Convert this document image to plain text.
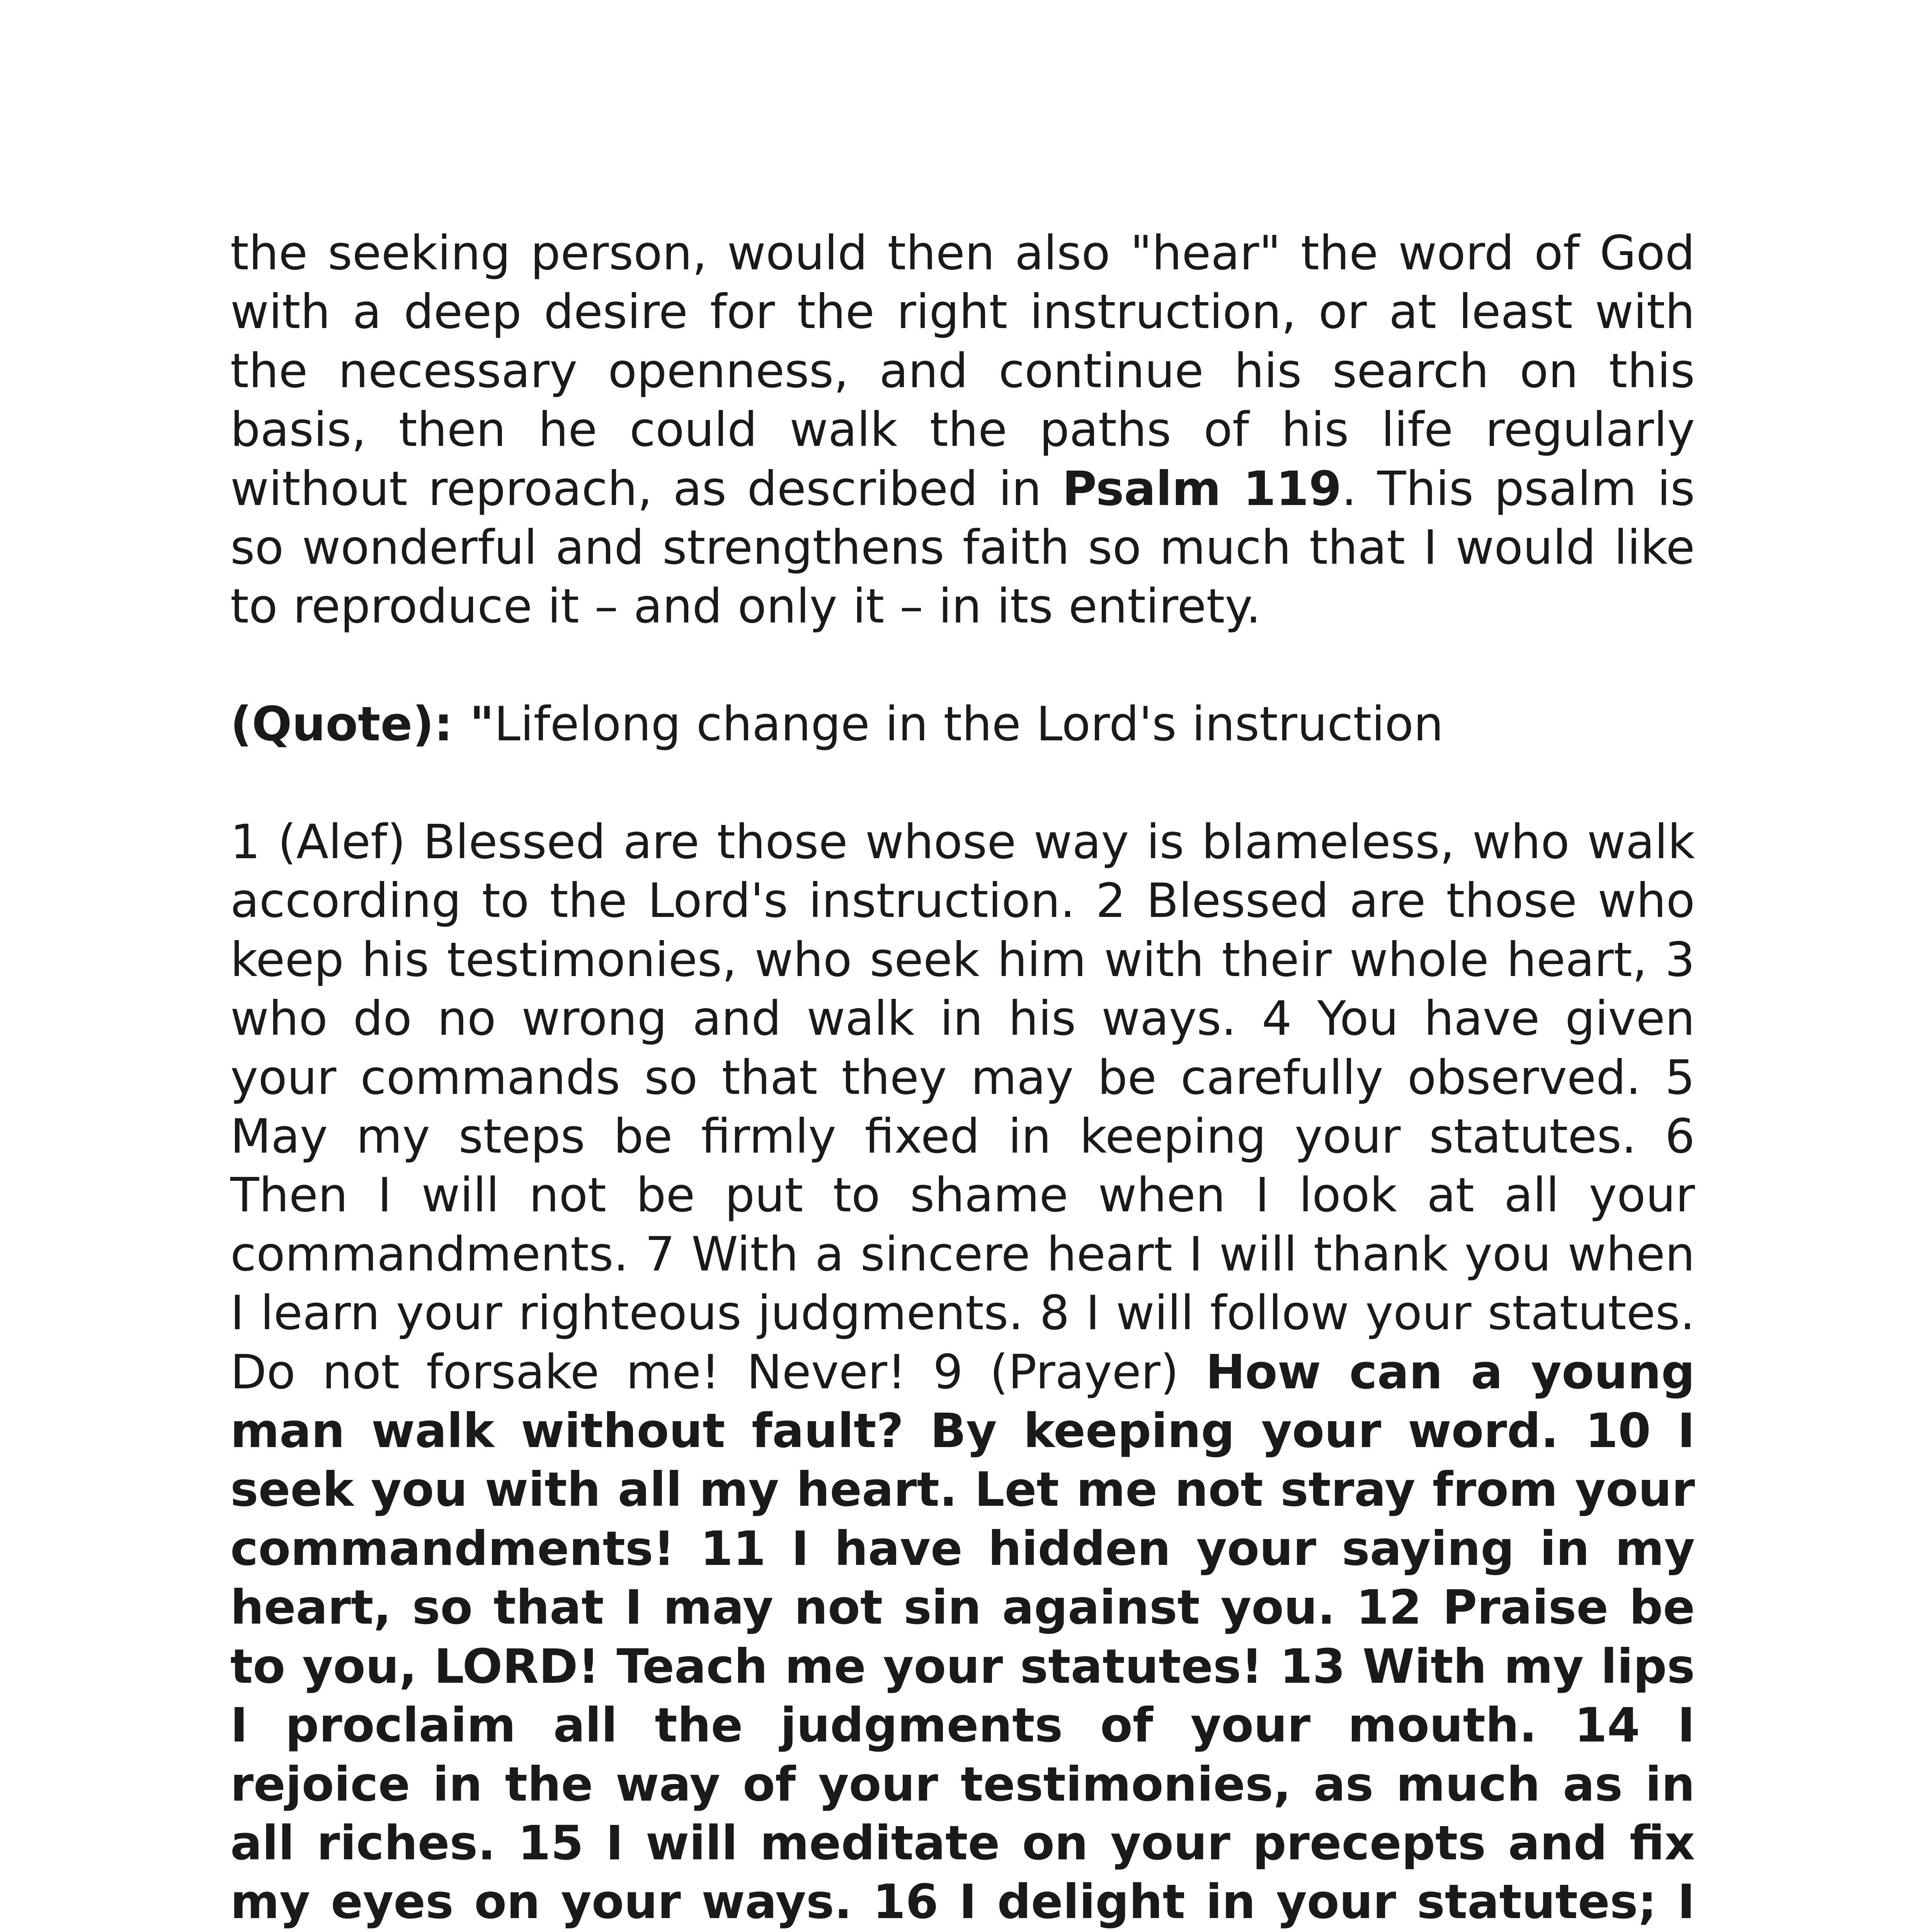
the seeking person, would then also "hear" the word of God with a deep desire for the right instruction, or at least with the necessary openness, and continue his search on this basis, then he could walk the paths of his life regularly without reproach, as described in Psalm 119. This psalm is so wonderful and strengthens faith so much that I would like to reproduce it – and only it – in its entirety.

(Quote): "Lifelong change in the Lord's instruction

1 (Alef) Blessed are those whose way is blameless, who walk according to the Lord's instruction. 2 Blessed are those who keep his testimonies, who seek him with their whole heart, 3 who do no wrong and walk in his ways. 4 You have given your commands so that they may be carefully observed. 5 May my steps be firmly fixed in keeping your statutes. 6 Then I will not be put to shame when I look at all your commandments. 7 With a sincere heart I will thank you when I learn your righteous judgments. 8 I will follow your statutes. Do not forsake me! Never! 9 (Prayer) How can a young man walk without fault? By keeping your word. 10 I seek you with all my heart. Let me not stray from your commandments! 11 I have hidden your saying in my heart, so that I may not sin against you. 12 Praise be to you, LORD! Teach me your statutes! 13 With my lips I proclaim all the judgments of your mouth. 14 I rejoice in the way of your testimonies, as much as in all riches. 15 I will meditate on your precepts and fix my eyes on your ways. 16 I delight in your statutes; I
